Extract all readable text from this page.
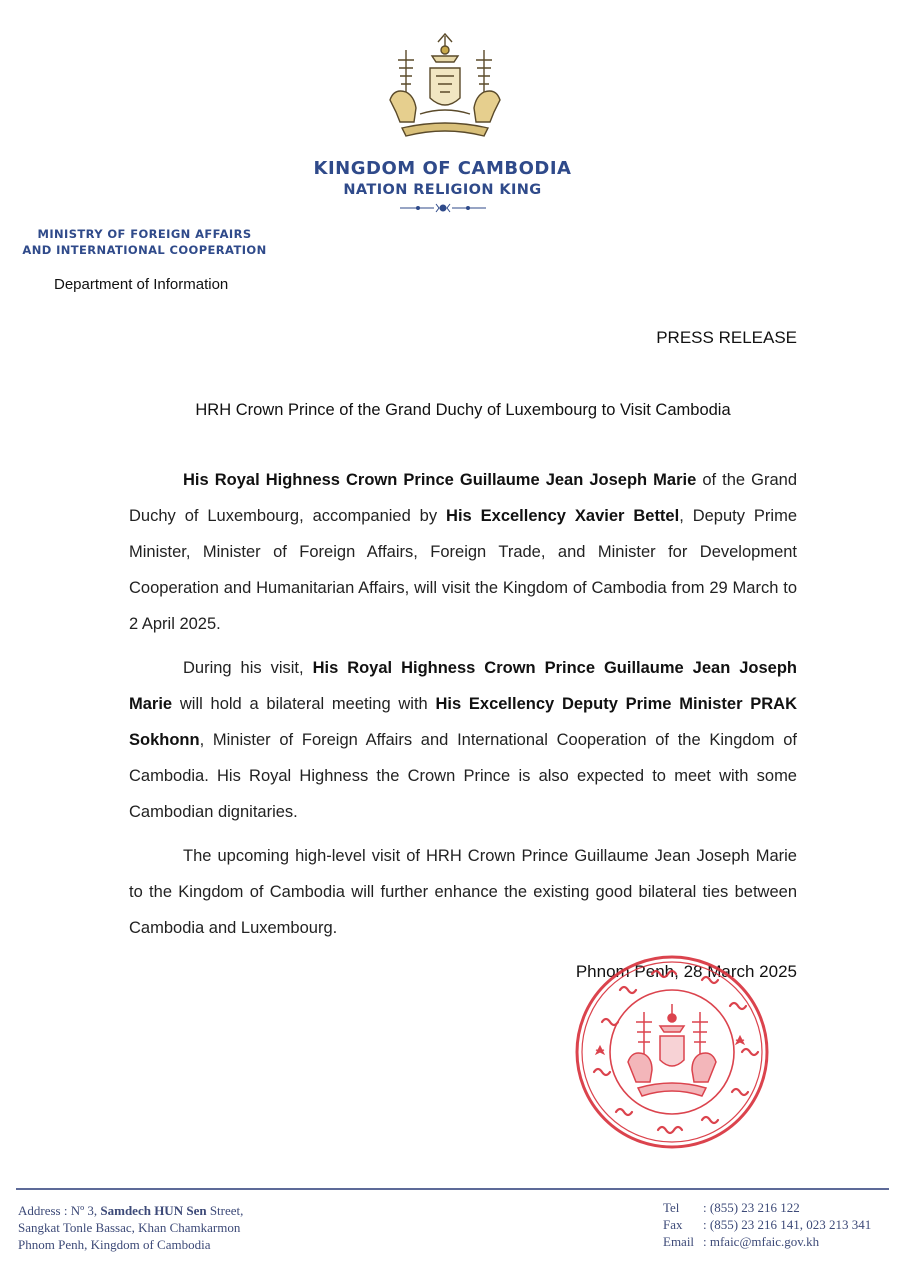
KINGDOM OF CAMBODIA
NATION RELIGION KING
MINISTRY OF FOREIGN AFFAIRS
AND INTERNATIONAL COOPERATION
Department of Information
PRESS RELEASE
HRH Crown Prince of the Grand Duchy of Luxembourg to Visit Cambodia

His Royal Highness Crown Prince Guillaume Jean Joseph Marie of the Grand Duchy of Luxembourg, accompanied by His Excellency Xavier Bettel, Deputy Prime Minister, Minister of Foreign Affairs, Foreign Trade, and Minister for Development Cooperation and Humanitarian Affairs, will visit the Kingdom of Cambodia from 29 March to 2 April 2025.

During his visit, His Royal Highness Crown Prince Guillaume Jean Joseph Marie will hold a bilateral meeting with His Excellency Deputy Prime Minister PRAK Sokhonn, Minister of Foreign Affairs and International Cooperation of the Kingdom of Cambodia. His Royal Highness the Crown Prince is also expected to meet with some Cambodian dignitaries.

The upcoming high-level visit of HRH Crown Prince Guillaume Jean Joseph Marie to the Kingdom of Cambodia will further enhance the existing good bilateral ties between Cambodia and Luxembourg.

Phnom Penh, 28 March 2025
Address : Nº 3, Samdech HUN Sen Street,
Sangkat Tonle Bassac, Khan Chamkarmon
Phnom Penh, Kingdom of Cambodia
Tel	: (855) 23 216 122
Fax	: (855) 23 216 141, 023 213 341
Email : mfaic@mfaic.gov.kh
